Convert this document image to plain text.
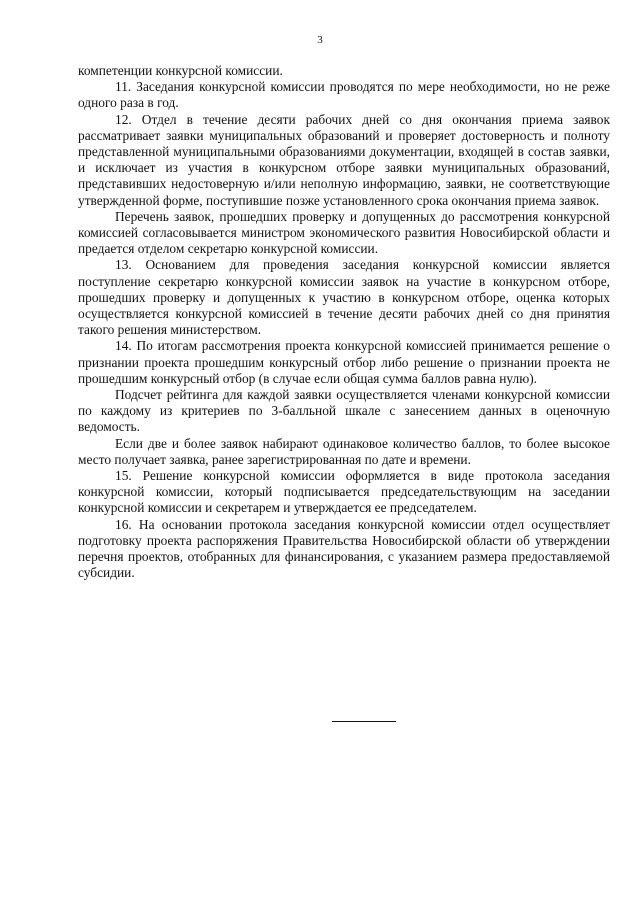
3

компетенции конкурсной комиссии.

11. Заседания конкурсной комиссии проводятся по мере необходимости, но не реже одного раза в год.

12. Отдел в течение десяти рабочих дней со дня окончания приема заявок рассматривает заявки муниципальных образований и проверяет достоверность и полноту представленной муниципальными образованиями документации, входящей в состав заявки, и исключает из участия в конкурсном отборе заявки муниципальных образований, представивших недостоверную и/или неполную информацию, заявки, не соответствующие утвержденной форме, поступившие позже установленного срока окончания приема заявок.

Перечень заявок, прошедших проверку и допущенных до рассмотрения конкурсной комиссией согласовывается министром экономического развития Новосибирской области и предается отделом секретарю конкурсной комиссии.

13. Основанием для проведения заседания конкурсной комиссии является поступление секретарю конкурсной комиссии заявок на участие в конкурсном отборе, прошедших проверку и допущенных к участию в конкурсном отборе, оценка которых осуществляется конкурсной комиссией в течение десяти рабочих дней со дня принятия такого решения министерством.

14. По итогам рассмотрения проекта конкурсной комиссией принимается решение о признании проекта прошедшим конкурсный отбор либо решение о признании проекта не прошедшим конкурсный отбор (в случае если общая сумма баллов равна нулю).

Подсчет рейтинга для каждой заявки осуществляется членами конкурсной комиссии по каждому из критериев по 3-балльной шкале с занесением данных в оценочную ведомость.

Если две и более заявок набирают одинаковое количество баллов, то более высокое место получает заявка, ранее зарегистрированная по дате и времени.

15. Решение конкурсной комиссии оформляется в виде протокола заседания конкурсной комиссии, который подписывается председательствующим на заседании конкурсной комиссии и секретарем и утверждается ее председателем.

16. На основании протокола заседания конкурсной комиссии отдел осуществляет подготовку проекта распоряжения Правительства Новосибирской области об утверждении перечня проектов, отобранных для финансирования, с указанием размера предоставляемой субсидии.
